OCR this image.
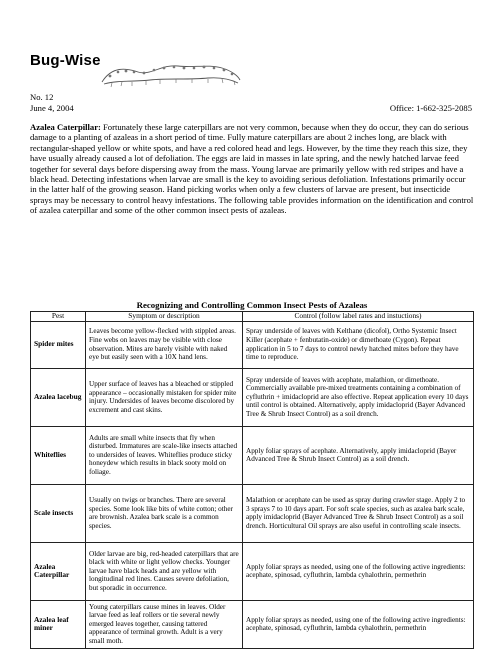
Bug-Wise
No. 12
June 4, 2004	Office: 1-662-325-2085
Azalea Caterpillar: Fortunately these large caterpillars are not very common, because when they do occur, they can do serious damage to a planting of azaleas in a short period of time. Fully mature caterpillars are about 2 inches long, are black with rectangular-shaped yellow or white spots, and have a red colored head and legs. However, by the time they reach this size, they have usually already caused a lot of defoliation. The eggs are laid in masses in late spring, and the newly hatched larvae feed together for several days before dispersing away from the mass. Young larvae are primarily yellow with red stripes and have a black head. Detecting infestations when larvae are small is the key to avoiding serious defoliation. Infestations primarily occur in the latter half of the growing season. Hand picking works when only a few clusters of larvae are present, but insecticide sprays may be necessary to control heavy infestations. The following table provides information on the identification and control of azalea caterpillar and some of the other common insect pests of azaleas.
Recognizing and Controlling Common Insect Pests of Azaleas
Pest	Symptom or description	Control (follow label rates and instuctions)
Spider mites	Leaves become yellow-flecked with stippled areas. Fine webs on leaves may be visible with close observation. Mites are barely visible with naked eye but easily seen with a 10X hand lens.	Spray underside of leaves with Kelthane (dicofol), Ortho Systemic Insect Killer (acephate + fenbutatin-oxide) or dimethoate (Cygon). Repeat application in 5 to 7 days to control newly hatched mites before they have time to reproduce.
Azalea lacebug	Upper surface of leaves has a bleached or stippled appearance – occasionally mistaken for spider mite injury. Undersides of leaves become discolored by excrement and cast skins.	Spray underside of leaves with acephate, malathion, or dimethoate. Commercially available pre-mixed treatments containing a combination of cyfluthrin + imidacloprid are also effective. Repeat application every 10 days until control is obtained. Alternatively, apply imidacloprid (Bayer Advanced Tree & Shrub Insect Control) as a soil drench.
Whiteflies	Adults are small white insects that fly when disturbed. Immatures are scale-like insects attached to undersides of leaves. Whiteflies produce sticky honeydew which results in black sooty mold on foliage.	Apply foliar sprays of acephate. Alternatively, apply imidacloprid (Bayer Advanced Tree & Shrub Insect Control) as a soil drench.
Scale insects	Usually on twigs or branches. There are several species. Some look like bits of white cotton; other are brownish. Azalea bark scale is a common species.	Malathion or acephate can be used as spray during crawler stage. Apply 2 to 3 sprays 7 to 10 days apart. For soft scale species, such as azalea bark scale, apply imidacloprid (Bayer Advanced Tree & Shrub Insect Control) as a soil drench. Horticultural Oil sprays are also useful in controlling scale insects.
Azalea Caterpillar	Older larvae are big, red-headed caterpillars that are black with white or light yellow checks. Younger larvae have black heads and are yellow with longitudinal red lines. Causes severe defoliation, but sporadic in occurrence.	Apply foliar sprays as needed, using one of the following active ingredients: acephate, spinosad, cyfluthrin, lambda cyhalothrin, permethrin
Azalea leaf miner	Young caterpillars cause mines in leaves. Older larvae feed as leaf rollers or tie several newly emerged leaves together, causing tattered appearance of terminal growth. Adult is a very small moth.	Apply foliar sprays as needed, using one of the following active ingredients: acephate, spinosad, cyfluthrin, lambda cyhalothrin, permethrin
